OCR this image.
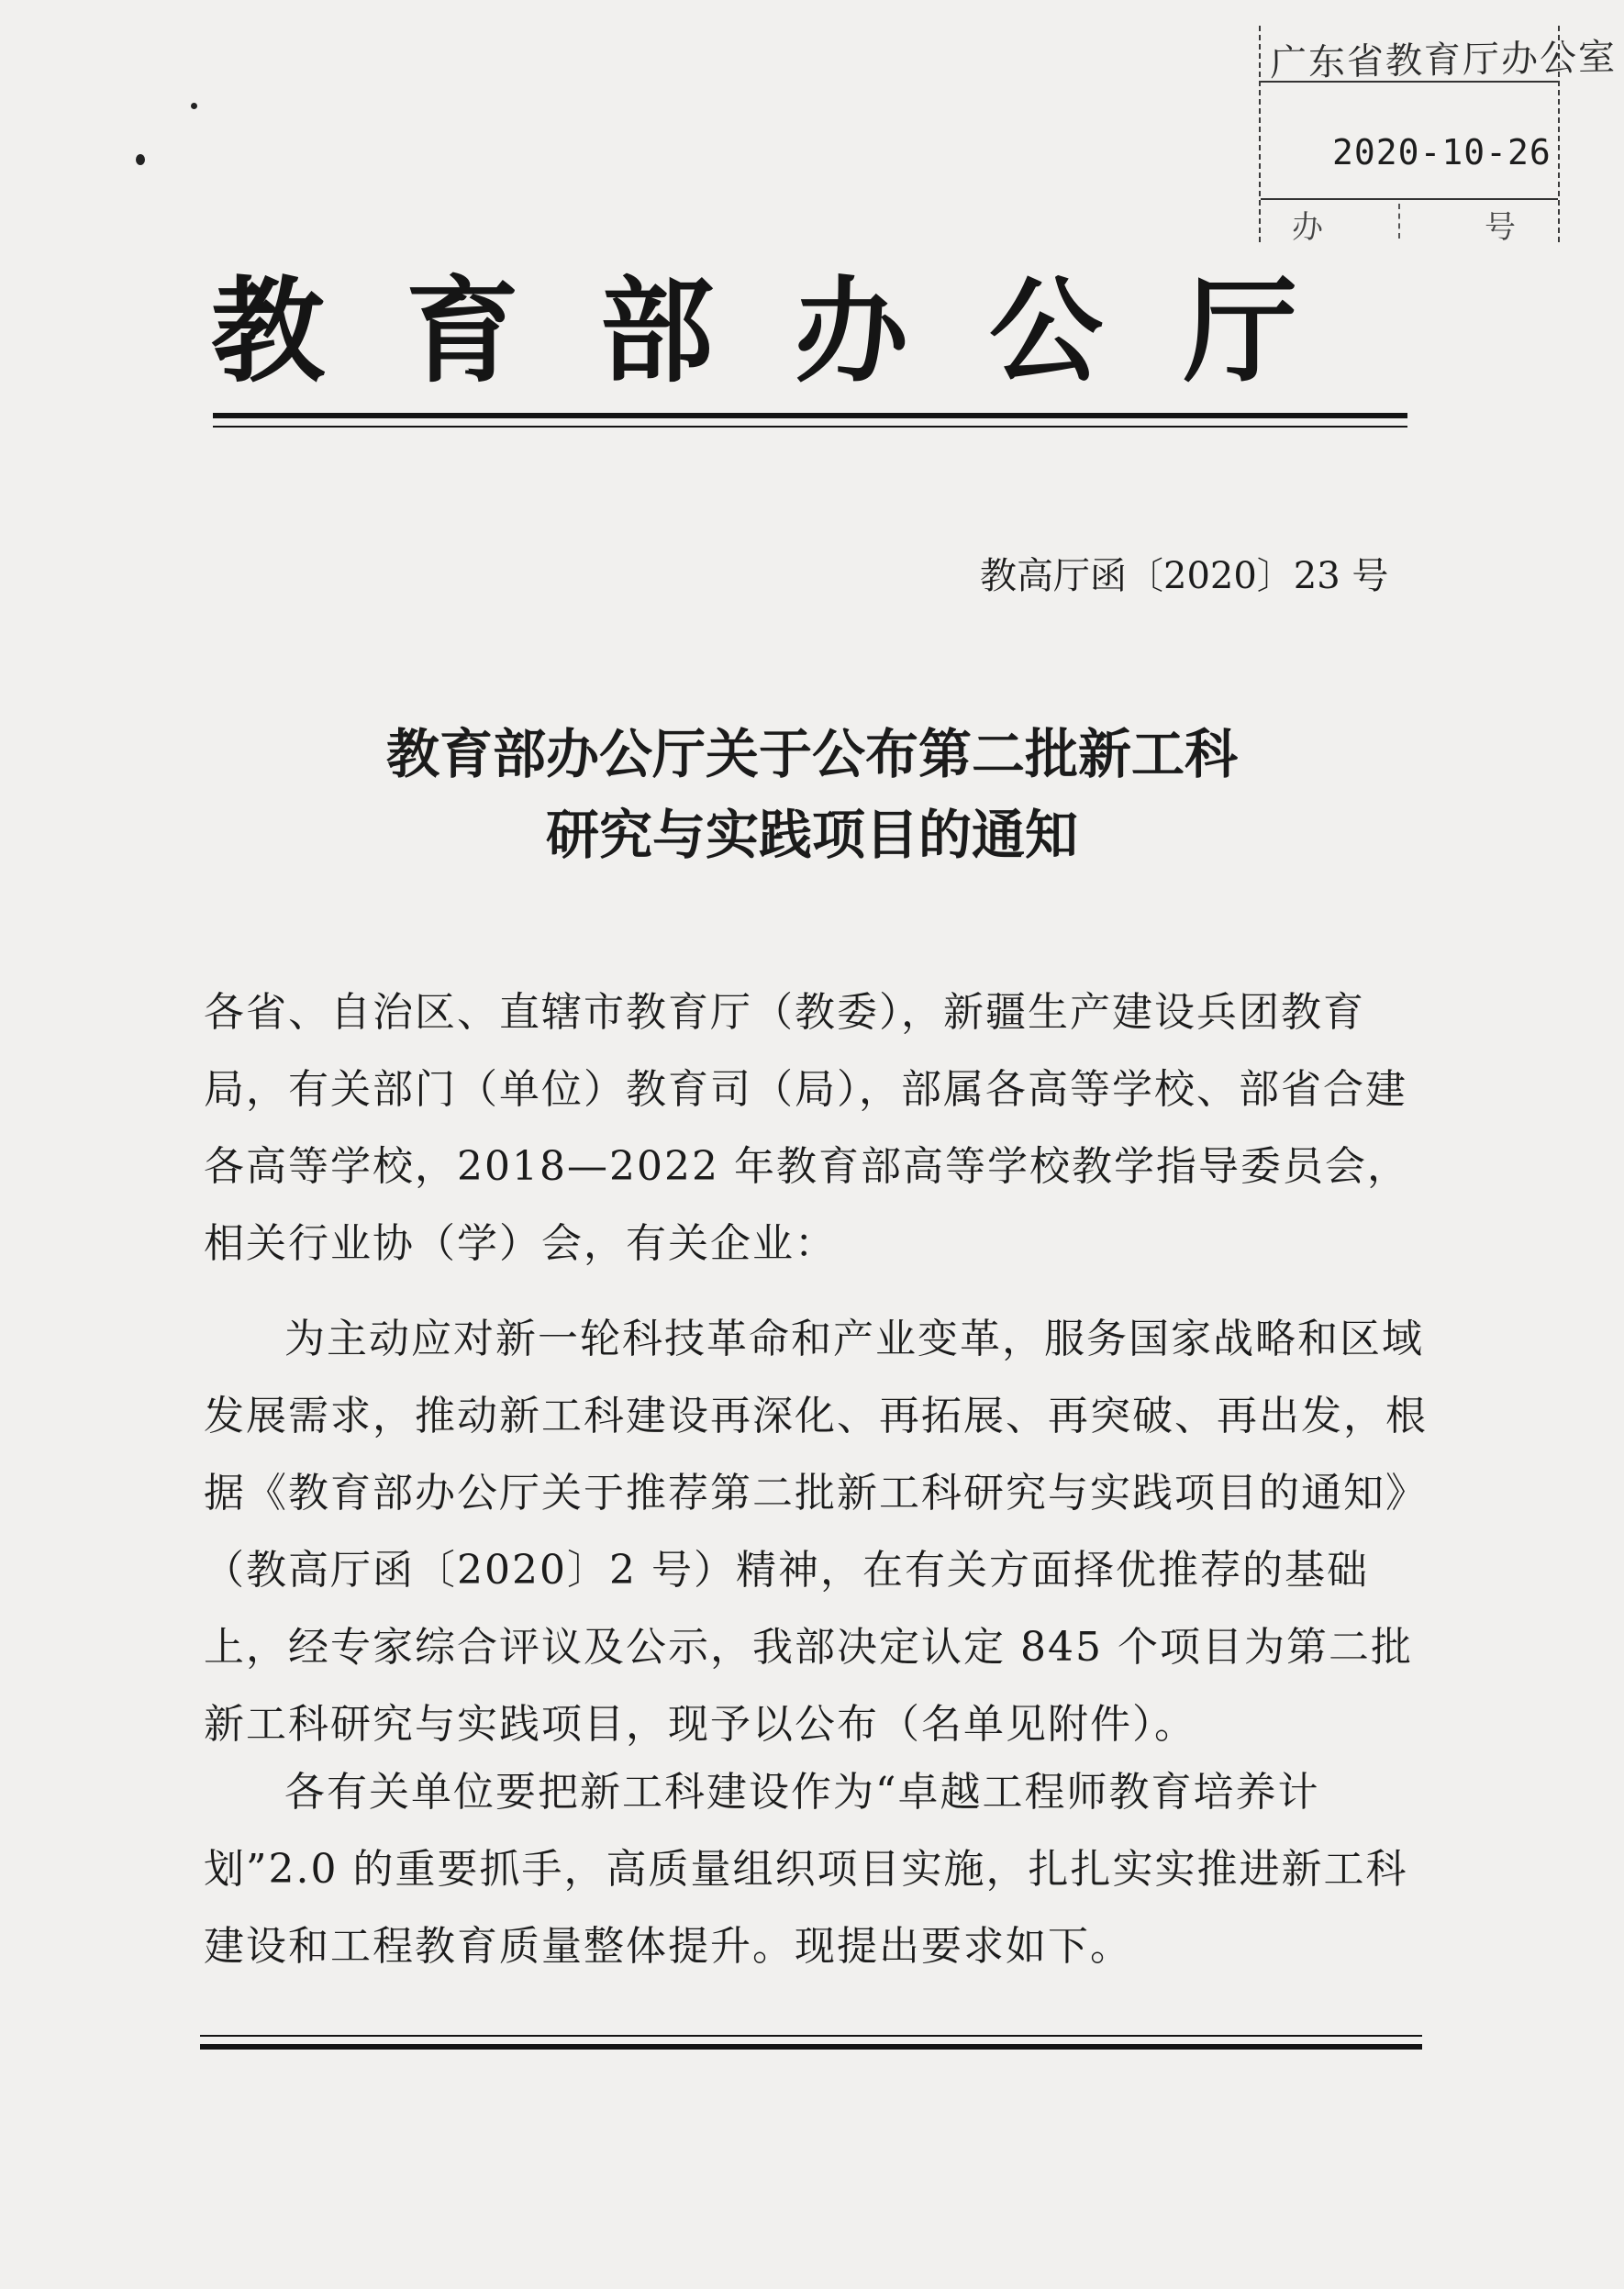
广东省教育厅办公室
2020-10-26
办	号
教育部办公厅
教高厅函〔2020〕23 号
教育部办公厅关于公布第二批新工科
研究与实践项目的通知

各省、自治区、直辖市教育厅（教委），新疆生产建设兵团教育局，有关部门（单位）教育司（局），部属各高等学校、部省合建各高等学校，2018—2022 年教育部高等学校教学指导委员会，相关行业协（学）会，有关企业：

为主动应对新一轮科技革命和产业变革，服务国家战略和区域发展需求，推动新工科建设再深化、再拓展、再突破、再出发，根据《教育部办公厅关于推荐第二批新工科研究与实践项目的通知》（教高厅函〔2020〕2 号）精神，在有关方面择优推荐的基础上，经专家综合评议及公示，我部决定认定 845 个项目为第二批新工科研究与实践项目，现予以公布（名单见附件）。

各有关单位要把新工科建设作为“卓越工程师教育培养计划”2.0 的重要抓手，高质量组织项目实施，扎扎实实推进新工科建设和工程教育质量整体提升。现提出要求如下。
